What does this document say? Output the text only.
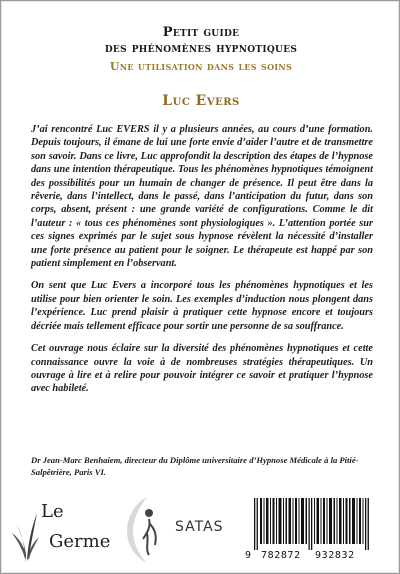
Petit guide
des phénomènes hypnotiques
Une utilisation dans les soins
Luc Evers

J’ai rencontré Luc EVERS il y a plusieurs années, au cours d’une formation. Depuis toujours, il émane de lui une forte envie d’aider l’autre et de transmettre son savoir. Dans ce livre, Luc approfondit la description des étapes de l’hypnose dans une intention thérapeutique. Tous les phénomènes hypnotiques témoignent des possibilités pour un humain de changer de présence. Il peut être dans la rêverie, dans l’intellect, dans le passé, dans l’anticipation du futur, dans son corps, absent, présent : une grande variété de configurations. Comme le dit l’auteur : « tous ces phénomènes sont physiologiques ». L’attention portée sur ces signes exprimés par le sujet sous hypnose révèlent la nécessité d’installer une forte présence au patient pour le soigner. Le thérapeute est happé par son patient simplement en l’observant.

On sent que Luc Evers a incorporé tous les phénomènes hypnotiques et les utilise pour bien orienter le soin. Les exemples d’induction nous plongent dans l’expérience. Luc prend plaisir à pratiquer cette hypnose encore et toujours décriée mais tellement efficace pour sortir une personne de sa souffrance.

Cet ouvrage nous éclaire sur la diversité des phénomènes hypnotiques et cette connaissance ouvre la voie à de nombreuses stratégies thérapeutiques. Un ouvrage à lire et à relire pour pouvoir intégrer ce savoir et pratiquer l’hypnose avec habileté.

Dr Jean-Marc Benhaiem, directeur du Diplôme universitaire d’Hypnose Médicale à la Pitié-Salpêtrière, Paris VI.
Le
Germe
SATAS
9 782872 932832
